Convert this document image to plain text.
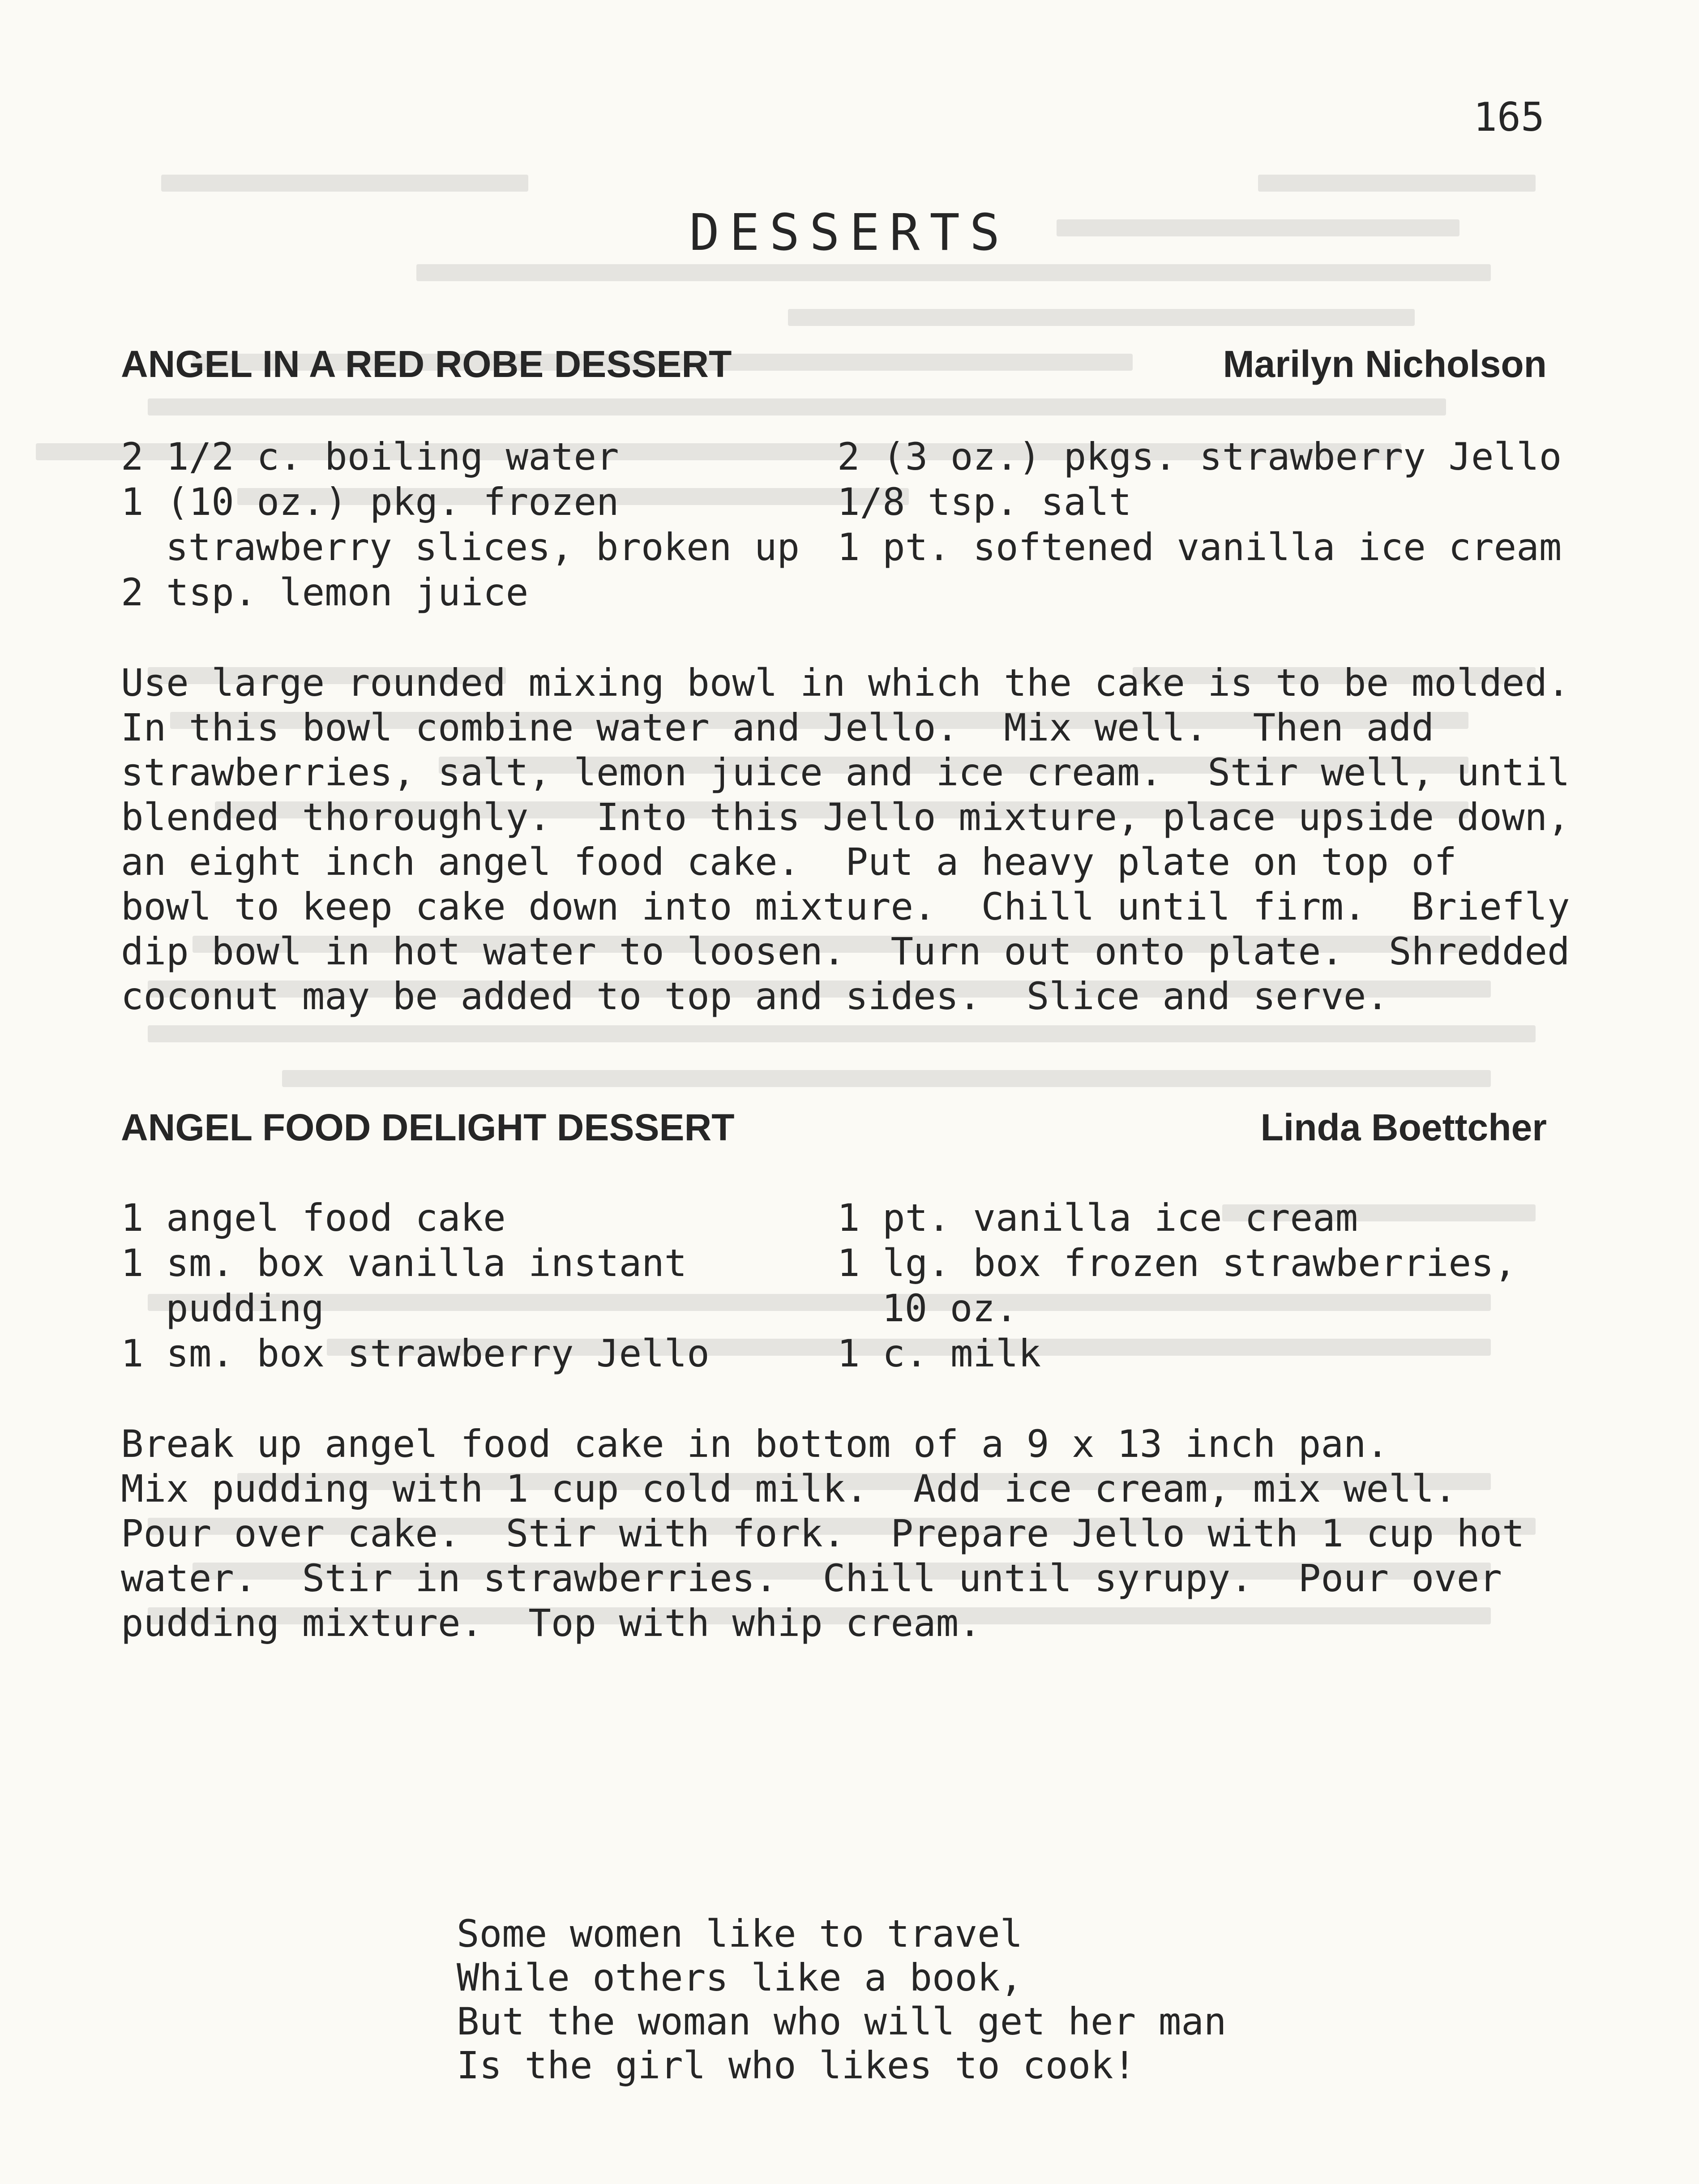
165
DESSERTS
ANGEL IN A RED ROBE DESSERT	Marilyn Nicholson
2 1/2 c. boiling water
1 (10 oz.) pkg. frozen
strawberry slices, broken up
2 tsp. lemon juice
2 (3 oz.) pkgs. strawberry Jello
1/8 tsp. salt
1 pt. softened vanilla ice cream
Use large rounded mixing bowl in which the cake is to be molded.
In this bowl combine water and Jello.  Mix well.  Then add
strawberries, salt, lemon juice and ice cream.  Stir well, until
blended thoroughly.  Into this Jello mixture, place upside down,
an eight inch angel food cake.  Put a heavy plate on top of
bowl to keep cake down into mixture.  Chill until firm.  Briefly
dip bowl in hot water to loosen.  Turn out onto plate.  Shredded
coconut may be added to top and sides.  Slice and serve.
ANGEL FOOD DELIGHT DESSERT	Linda Boettcher
1 angel food cake
1 sm. box vanilla instant
pudding
1 sm. box strawberry Jello
1 pt. vanilla ice cream
1 lg. box frozen strawberries,
10 oz.
1 c. milk
Break up angel food cake in bottom of a 9 x 13 inch pan.
Mix pudding with 1 cup cold milk.  Add ice cream, mix well.
Pour over cake.  Stir with fork.  Prepare Jello with 1 cup hot
water.  Stir in strawberries.  Chill until syrupy.  Pour over
pudding mixture.  Top with whip cream.
Some women like to travel
While others like a book,
But the woman who will get her man
Is the girl who likes to cook!
